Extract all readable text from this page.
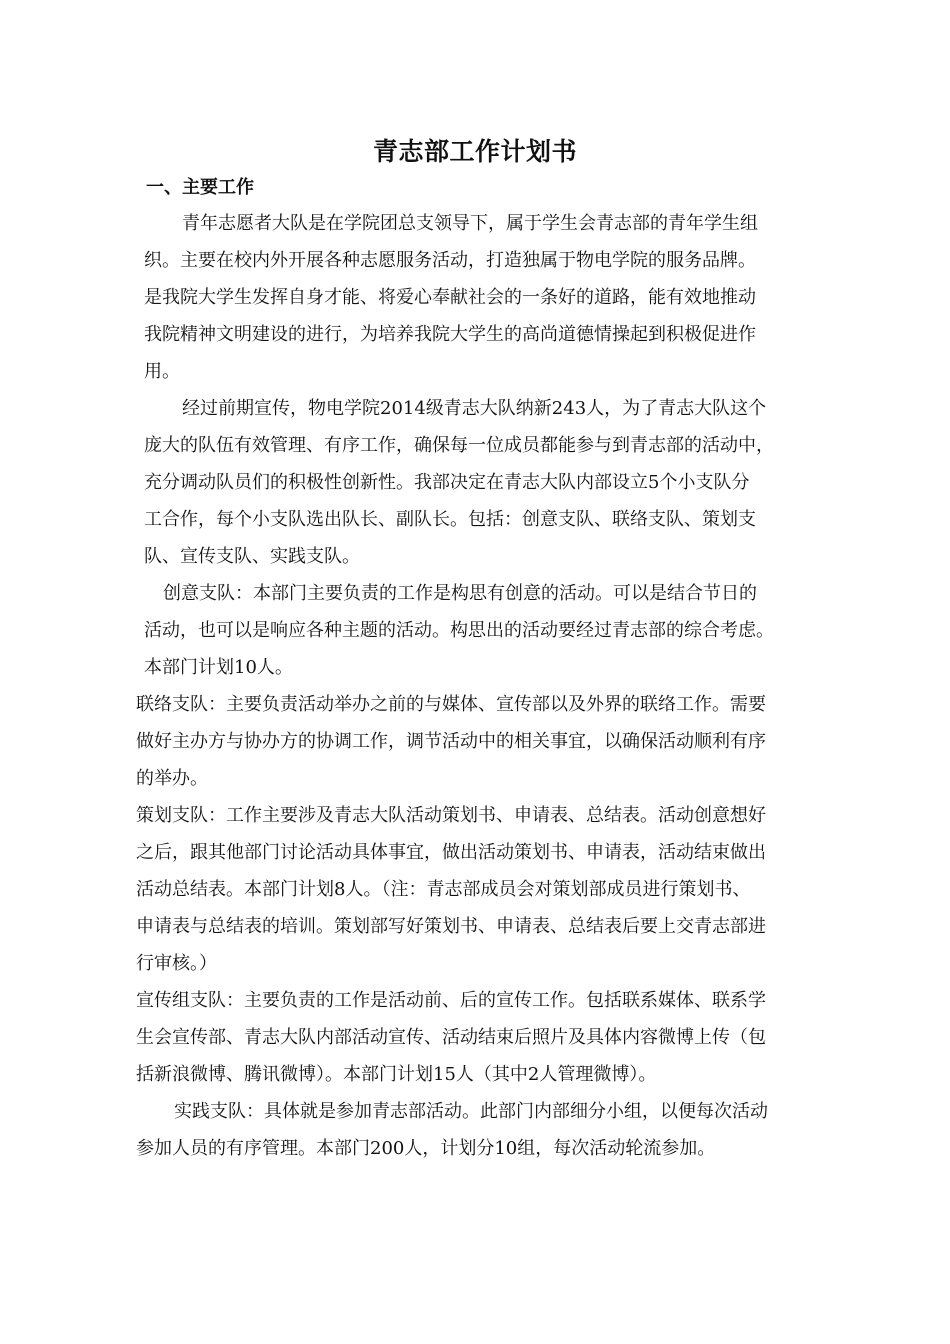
青志部工作计划书
一、主要工作

青年志愿者大队是在学院团总支领导下，属于学生会青志部的青年学生组

织。主要在校内外开展各种志愿服务活动，打造独属于物电学院的服务品牌。

是我院大学生发挥自身才能、将爱心奉献社会的一条好的道路，能有效地推动

我院精神文明建设的进行，为培养我院大学生的高尚道德情操起到积极促进作

用。

经过前期宣传，物电学院2014级青志大队纳新243人，为了青志大队这个

庞大的队伍有效管理、有序工作，确保每一位成员都能参与到青志部的活动中，

充分调动队员们的积极性创新性。我部决定在青志大队内部设立5个小支队分

工合作，每个小支队选出队长、副队长。包括：创意支队、联络支队、策划支

队、宣传支队、实践支队。

创意支队：本部门主要负责的工作是构思有创意的活动。可以是结合节日的

活动，也可以是响应各种主题的活动。构思出的活动要经过青志部的综合考虑。

本部门计划10人。

联络支队：主要负责活动举办之前的与媒体、宣传部以及外界的联络工作。需要

做好主办方与协办方的协调工作，调节活动中的相关事宜，以确保活动顺利有序

的举办。

策划支队：工作主要涉及青志大队活动策划书、申请表、总结表。活动创意想好

之后，跟其他部门讨论活动具体事宜，做出活动策划书、申请表，活动结束做出

活动总结表。本部门计划8人。（注：青志部成员会对策划部成员进行策划书、

申请表与总结表的培训。策划部写好策划书、申请表、总结表后要上交青志部进

行审核。）

宣传组支队：主要负责的工作是活动前、后的宣传工作。包括联系媒体、联系学

生会宣传部、青志大队内部活动宣传、活动结束后照片及具体内容微博上传（包

括新浪微博、腾讯微博）。本部门计划15人（其中2人管理微博）。

实践支队：具体就是参加青志部活动。此部门内部细分小组，以便每次活动

参加人员的有序管理。本部门200人，计划分10组，每次活动轮流参加。
